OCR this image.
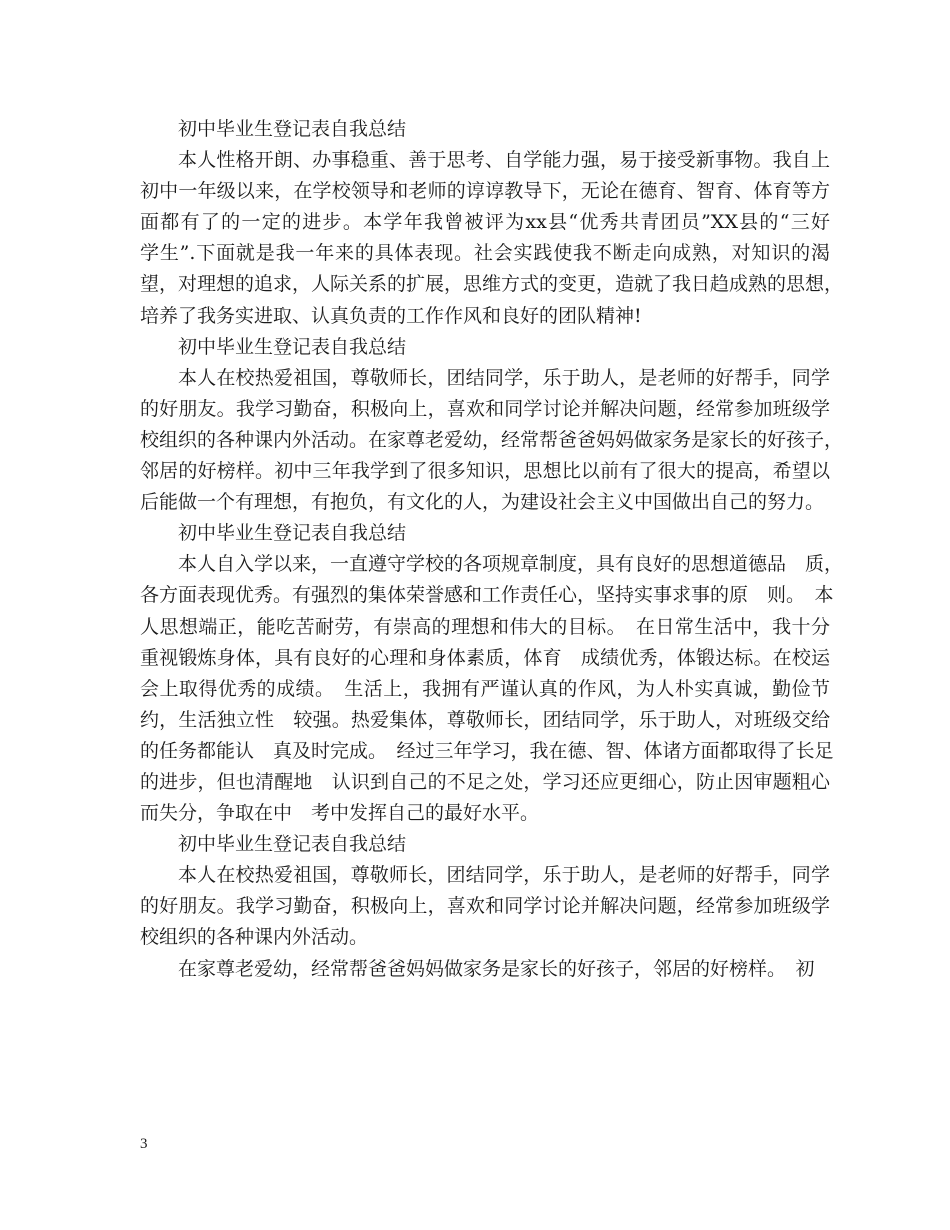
初中毕业生登记表自我总结
本人性格开朗、办事稳重、善于思考、自学能力强，易于接受新事物。我自上
初中一年级以来，在学校领导和老师的谆谆教导下，无论在德育、智育、体育等方
面都有了的一定的进步。本学年我曾被评为xx县“优秀共青团员”XX县的“三好
学生”.下面就是我一年来的具体表现。社会实践使我不断走向成熟，对知识的渴
望，对理想的追求，人际关系的扩展，思维方式的变更，造就了我日趋成熟的思想，
培养了我务实进取、认真负责的工作作风和良好的团队精神!
初中毕业生登记表自我总结
本人在校热爱祖国，尊敬师长，团结同学，乐于助人，是老师的好帮手，同学
的好朋友。我学习勤奋，积极向上，喜欢和同学讨论并解决问题，经常参加班级学
校组织的各种课内外活动。在家尊老爱幼，经常帮爸爸妈妈做家务是家长的好孩子，
邻居的好榜样。初中三年我学到了很多知识，思想比以前有了很大的提高，希望以
后能做一个有理想，有抱负，有文化的人，为建设社会主义中国做出自己的努力。
初中毕业生登记表自我总结
本人自入学以来，一直遵守学校的各项规章制度，具有良好的思想道德品　质，
各方面表现优秀。有强烈的集体荣誉感和工作责任心，坚持实事求事的原　则。　本
人思想端正，能吃苦耐劳，有崇高的理想和伟大的目标。　在日常生活中，我十分
重视锻炼身体，具有良好的心理和身体素质，体育　成绩优秀，体锻达标。在校运
会上取得优秀的成绩。　生活上，我拥有严谨认真的作风，为人朴实真诚，勤俭节
约，生活独立性　较强。热爱集体，尊敬师长，团结同学，乐于助人，对班级交给
的任务都能认　真及时完成。　经过三年学习，我在德、智、体诸方面都取得了长足
的进步，但也清醒地　认识到自己的不足之处，学习还应更细心，防止因审题粗心
而失分，争取在中　考中发挥自己的最好水平。
初中毕业生登记表自我总结
本人在校热爱祖国，尊敬师长，团结同学，乐于助人，是老师的好帮手，同学
的好朋友。我学习勤奋，积极向上，喜欢和同学讨论并解决问题，经常参加班级学
校组织的各种课内外活动。
在家尊老爱幼，经常帮爸爸妈妈做家务是家长的好孩子，邻居的好榜样。　初
3
